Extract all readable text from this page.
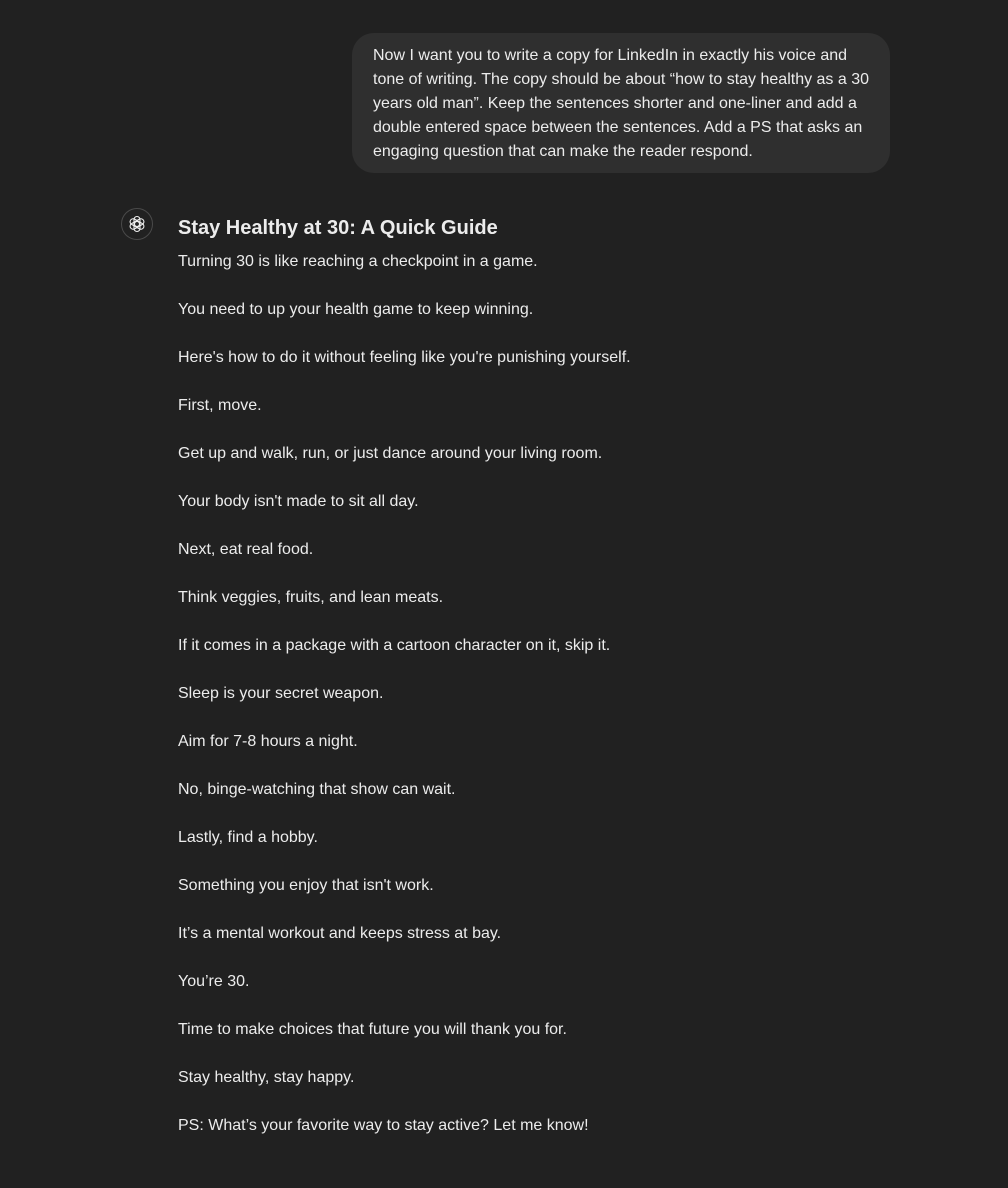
Now I want you to write a copy for LinkedIn in exactly his voice and tone of writing. The copy should be about “how to stay healthy as a 30 years old man”. Keep the sentences shorter and one-liner and add a double entered space between the sentences. Add a PS that asks an engaging question that can make the reader respond.
Stay Healthy at 30: A Quick Guide

Turning 30 is like reaching a checkpoint in a game.

You need to up your health game to keep winning.

Here's how to do it without feeling like you're punishing yourself.

First, move.

Get up and walk, run, or just dance around your living room.

Your body isn't made to sit all day.

Next, eat real food.

Think veggies, fruits, and lean meats.

If it comes in a package with a cartoon character on it, skip it.

Sleep is your secret weapon.

Aim for 7-8 hours a night.

No, binge-watching that show can wait.

Lastly, find a hobby.

Something you enjoy that isn't work.

It’s a mental workout and keeps stress at bay.

You’re 30.

Time to make choices that future you will thank you for.

Stay healthy, stay happy.

PS: What’s your favorite way to stay active? Let me know!
